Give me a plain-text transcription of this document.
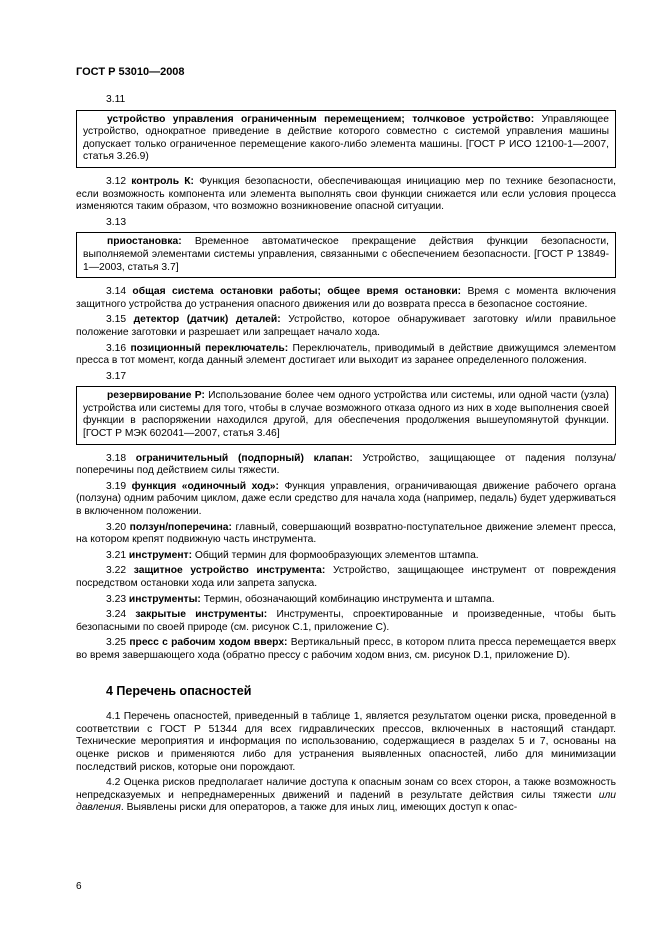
ГОСТ Р 53010—2008

3.11

устройство управления ограниченным перемещением; толчковое устройство: Управляющее устройство, однократное приведение в действие которого совместно с системой управления машины допускает только ограниченное перемещение какого-либо элемента машины. [ГОСТ Р ИСО 12100-1—2007, статья 3.26.9)

3.12 контроль К: Функция безопасности, обеспечивающая инициацию мер по технике безопасности, если возможность компонента или элемента выполнять свои функции снижается или если условия процесса изменяются таким образом, что возможно возникновение опасной ситуации.

3.13

приостановка: Временное автоматическое прекращение действия функции безопасности, выполняемой элементами системы управления, связанными с обеспечением безопасности. [ГОСТ Р 13849-1—2003, статья 3.7]

3.14 общая система остановки работы; общее время остановки: Время с момента включения защитного устройства до устранения опасного движения или до возврата пресса в безопасное состояние.

3.15 детектор (датчик) деталей: Устройство, которое обнаруживает заготовку и/или правильное положение заготовки и разрешает или запрещает начало хода.

3.16 позиционный переключатель: Переключатель, приводимый в действие движущимся элементом пресса в тот момент, когда данный элемент достигает или выходит из заранее определенного положения.

3.17

резервирование Р: Использование более чем одного устройства или системы, или одной части (узла) устройства или системы для того, чтобы в случае возможного отказа одного из них в ходе выполнения своей функции в распоряжении находился другой, для обеспечения продолжения вышеупомянутой функции. [ГОСТ Р МЭК 602041—2007, статья 3.46]

3.18 ограничительный (подпорный) клапан: Устройство, защищающее от падения ползуна/поперечины под действием силы тяжести.

3.19 функция «одиночный ход»: Функция управления, ограничивающая движение рабочего органа (ползуна) одним рабочим циклом, даже если средство для начала хода (например, педаль) будет удерживаться в включенном положении.

3.20 ползун/поперечина: главный, совершающий возвратно-поступательное движение элемент пресса, на котором крепят подвижную часть инструмента.

3.21 инструмент: Общий термин для формообразующих элементов штампа.

3.22 защитное устройство инструмента: Устройство, защищающее инструмент от повреждения посредством остановки хода или запрета запуска.

3.23 инструменты: Термин, обозначающий комбинацию инструмента и штампа.

3.24 закрытые инструменты: Инструменты, спроектированные и произведенные, чтобы быть безопасными по своей природе (см. рисунок С.1, приложение С).

3.25 пресс с рабочим ходом вверх: Вертикальный пресс, в котором плита пресса перемещается вверх во время завершающего хода (обратно прессу с рабочим ходом вниз, см. рисунок D.1, приложение D).

4 Перечень опасностей

4.1 Перечень опасностей, приведенный в таблице 1, является результатом оценки риска, проведенной в соответствии с ГОСТ Р 51344 для всех гидравлических прессов, включенных в настоящий стандарт. Технические мероприятия и информация по использованию, содержащиеся в разделах 5 и 7, основаны на оценке рисков и применяются либо для устранения выявленных опасностей, либо для минимизации последствий рисков, которые они порождают.

4.2 Оценка рисков предполагает наличие доступа к опасным зонам со всех сторон, а также возможность непредсказуемых и непреднамеренных движений и падений в результате действия силы тяжести или давления. Выявлены риски для операторов, а также для иных лиц, имеющих доступ к опас-

6
